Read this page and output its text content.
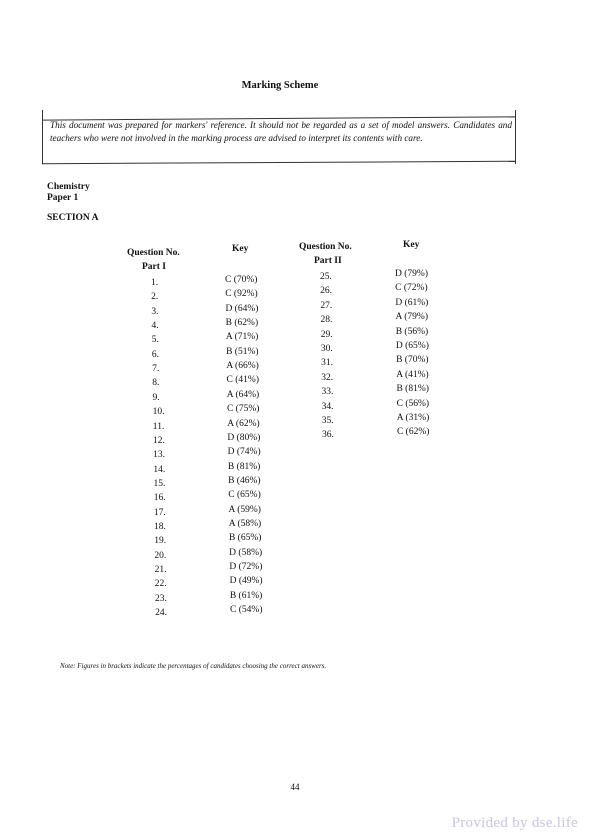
Marking Scheme
This document was prepared for markers' reference. It should not be regarded as a set of model answers. Candidates and teachers who were not involved in the marking process are advised to interpret its contents with care.
Chemistry
Paper 1
SECTION A
Question No.
Part I
Key	Question No.
Part II
Key
1.
2.
3.
4.
5.
6.
7.
8.
9.
10.
11.
12.
13.
14.
15.
16.
17.
18.
19.
20.
21.
22.
23.
24.
C (70%)
C (92%)
D (64%)
B (62%)
A (71%)
B (51%)
A (66%)
C (41%)
A (64%)
C (75%)
A (62%)
D (80%)
D (74%)
B (81%)
B (46%)
C (65%)
A (59%)
A (58%)
B (65%)
D (58%)
D (72%)
D (49%)
B (61%)
C (54%)
25.
26.
27.
28.
29.
30.
31.
32.
33.
34.
35.
36.
D (79%)
C (72%)
D (61%)
A (79%)
B (56%)
D (65%)
B (70%)
A (41%)
B (81%)
C (56%)
A (31%)
C (62%)
Note: Figures in brackets indicate the percentages of candidates choosing the correct answers.
44
Provided by dse.life
